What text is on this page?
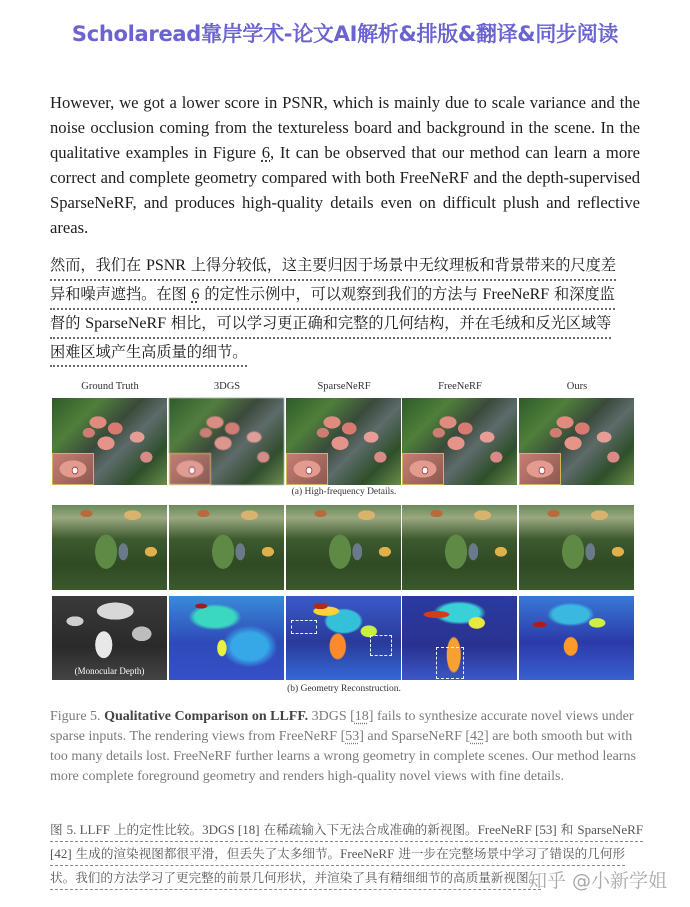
Scholaread靠岸学术-论文AI解析&排版&翻译&同步阅读

However, we got a lower score in PSNR, which is mainly due to scale variance and the noise occlusion coming from the textureless board and background in the scene. In the qualitative examples in Figure 6, It can be observed that our method can learn a more correct and complete geometry compared with both FreeNeRF and the depth-supervised SparseNeRF, and produces high-quality details even on difficult plush and reflective areas.

然而，我们在 PSNR 上得分较低，这主要归因于场景中无纹理板和背景带来的尺度差
异和噪声遮挡。在图 6 的定性示例中，可以观察到我们的方法与 FreeNeRF 和深度监
督的 SparseNeRF 相比，可以学习更正确和完整的几何结构，并在毛绒和反光区域等
困难区域产生高质量的细节。
Ground Truth	3DGS	SparseNeRF	FreeNeRF	Ours
(a) High-frequency Details.
(Monocular Depth)
(b) Geometry Reconstruction.

Figure 5. Qualitative Comparison on LLFF. 3DGS [18] fails to synthesize accurate novel views under sparse inputs. The rendering views from FreeNeRF [53] and SparseNeRF [42] are both smooth but with too many details lost. FreeNeRF further learns a wrong geometry in complete scenes. Our method learns more complete foreground geometry and renders high-quality novel views with fine details.

图 5. LLFF 上的定性比较。3DGS [18] 在稀疏输入下无法合成准确的新视图。FreeNeRF [53] 和 SparseNeRF
[42] 生成的渲染视图都很平滑，但丢失了太多细节。FreeNeRF 进一步在完整场景中学习了错误的几何形
状。我们的方法学习了更完整的前景几何形状，并渲染了具有精细细节的高质量新视图。
知乎 @小新学姐
